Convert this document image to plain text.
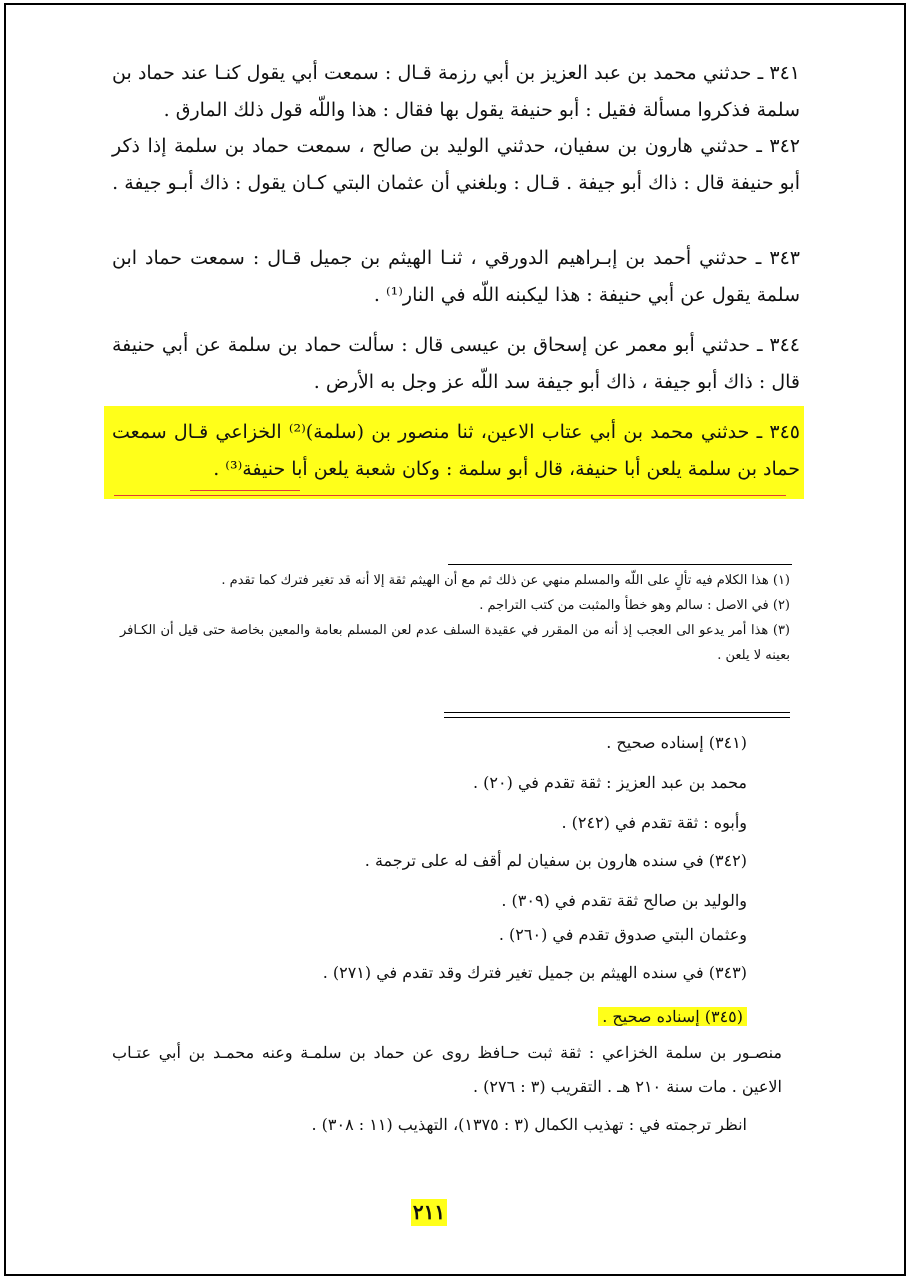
٣٤١ ـ حدثني محمد بن عبد العزيز بن أبي رزمة قـال : سمعت أبي يقول كنـا عند حماد بن سلمة فذكروا مسألة فقيل : أبو حنيفة يقول بها فقال : هذا واللّه قول ذلك المارق .

٣٤٢ ـ حدثني هارون بن سفيان، حدثني الوليد بن صالح ، سمعت حماد بن سلمة إذا ذكر أبو حنيفة قال : ذاك أبو جيفة . قـال : وبلغني أن عثمان البتي كـان يقول : ذاك أبـو جيفة .

٣٤٣ ـ حدثني أحمد بن إبـراهيم الدورقي ، ثنـا الهيثم بن جميل قـال : سمعت حماد ابن سلمة يقول عن أبي حنيفة : هذا ليكبنه اللّه في النار⁽¹⁾ .

٣٤٤ ـ حدثني أبو معمر عن إسحاق بن عيسى قال : سألت حماد بن سلمة عن أبي حنيفة قال : ذاك أبو جيفة ، ذاك أبو جيفة سد اللّه عز وجل به الأرض .

٣٤٥ ـ حدثني محمد بن أبي عتاب الاعين، ثنا منصور بن (سلمة)⁽²⁾ الخزاعي قـال سمعت حماد بن سلمة يلعن أبا حنيفة، قال أبو سلمة : وكان شعبة يلعن أبا حنيفة⁽³⁾ .

(١) هذا الكلام فيه تألٍ على اللّه والمسلم منهي عن ذلك ثم مع أن الهيثم ثقة إلا أنه قد تغير فترك كما تقدم .

(٢) في الاصل : سالم وهو خطأ والمثبت من كتب التراجم .

(٣) هذا أمر يدعو الى العجب إذ أنه من المقرر في عقيدة السلف عدم لعن المسلم بعامة والمعين بخاصة حتى قيل أن الكـافر بعينه لا يلعن .

(٣٤١) إسناده صحيح .
محمد بن عبد العزيز : ثقة تقدم في (٢٠) .
وأبوه : ثقة تقدم في (٢٤٢) .
(٣٤٢) في سنده هارون بن سفيان لم أقف له على ترجمة .
والوليد بن صالح ثقة تقدم في (٣٠٩) .
وعثمان البتي صدوق تقدم في (٢٦٠) .
(٣٤٣) في سنده الهيثم بن جميل تغير فترك وقد تقدم في (٢٧١) .
(٣٤٥) إسناده صحيح .
منصـور بن سلمة الخزاعي : ثقة ثبت حـافظ روى عن حماد بن سلمـة وعنه محمـد بن أبي عتـاب الاعين . مات سنة ٢١٠ هـ . التقريب (٣ : ٢٧٦) .
انظر ترجمته في : تهذيب الكمال (٣ : ١٣٧٥)، التهذيب (١١ : ٣٠٨) .
٢١١
